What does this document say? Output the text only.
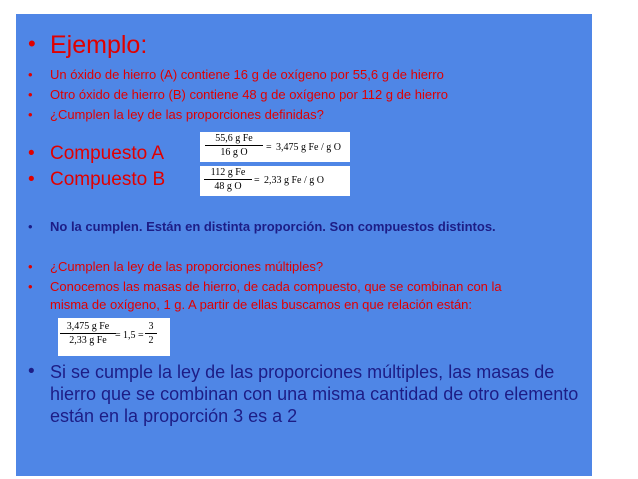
• Ejemplo:
• Un óxido de hierro (A) contiene 16 g de oxígeno por 55,6 g de hierro
• Otro óxido de hierro (B) contiene 48 g de oxígeno por 112 g de hierro
• ¿Cumplen la ley de las proporciones definidas?
• Compuesto A
55,6 g Fe
16 g O	= 3,475 g Fe / g O
• Compuesto B	112 g Fe
48 g O
= 2,33 g Fe / g O
• No la cumplen. Están en distinta proporción. Son compuestos distintos.
• ¿Cumplen la ley de las proporciones múltiples?
• Conocemos las masas de hierro, de cada compuesto, que se combinan con la
misma de oxígeno, 1 g. A partir de ellas buscamos en que relación están:
3,475 g Fe
2,33 g Fe = 1,5 =
3
2
• Si se cumple la ley de las proporciones múltiples, las masas de
hierro que se combinan con una misma cantidad de otro elemento
están en la proporción 3 es a 2
